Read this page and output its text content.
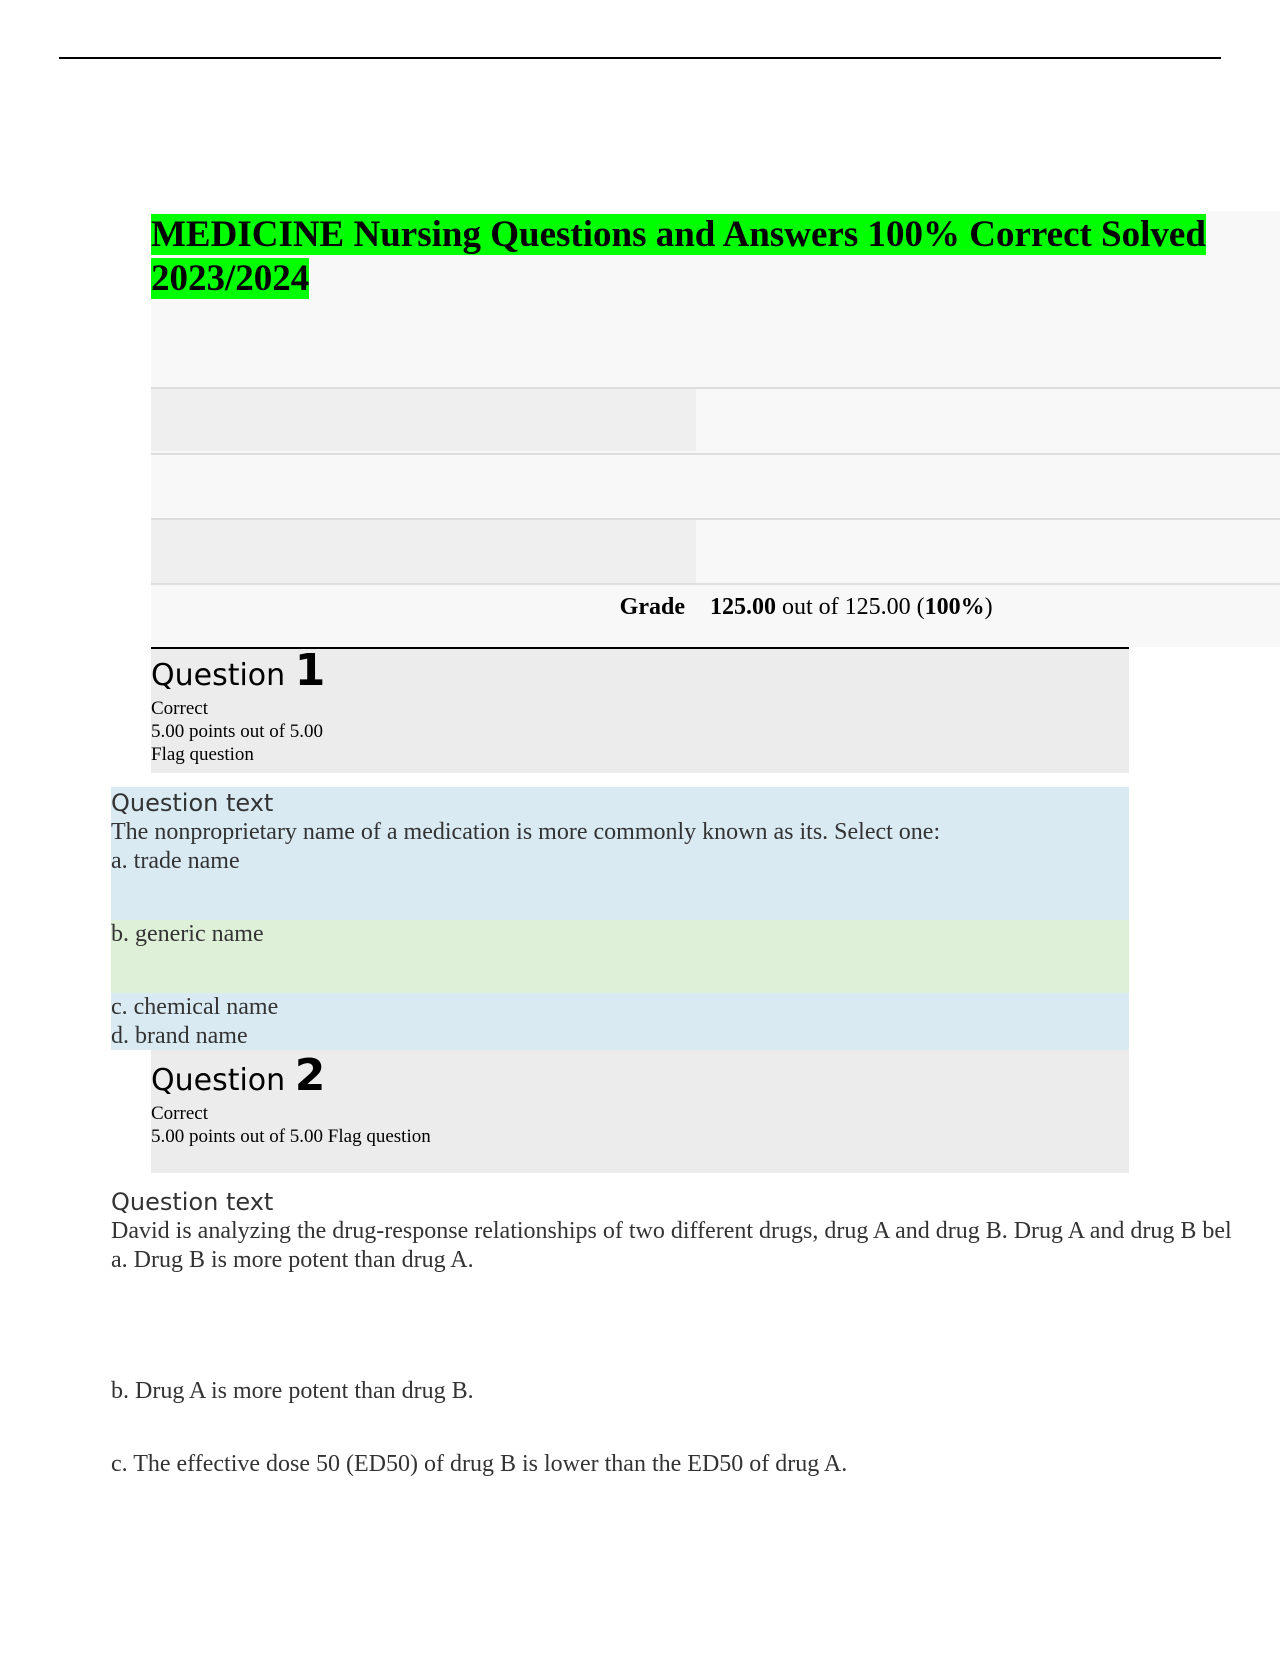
MEDICINE Nursing Questions and Answers 100% Correct Solved 2023/2024
Grade 125.00 out of 125.00 (100%)
Question 1
Correct
5.00 points out of 5.00
Flag question
Question text
The nonproprietary name of a medication is more commonly known as its. Select one:
a. trade name
b. generic name
c. chemical name
d. brand name
Question 2
Correct
5.00 points out of 5.00 Flag question
Question text
David is analyzing the drug-response relationships of two different drugs, drug A and drug B. Drug A and drug B bel
a. Drug B is more potent than drug A.
b. Drug A is more potent than drug B.
c. The effective dose 50 (ED50) of drug B is lower than the ED50 of drug A.
